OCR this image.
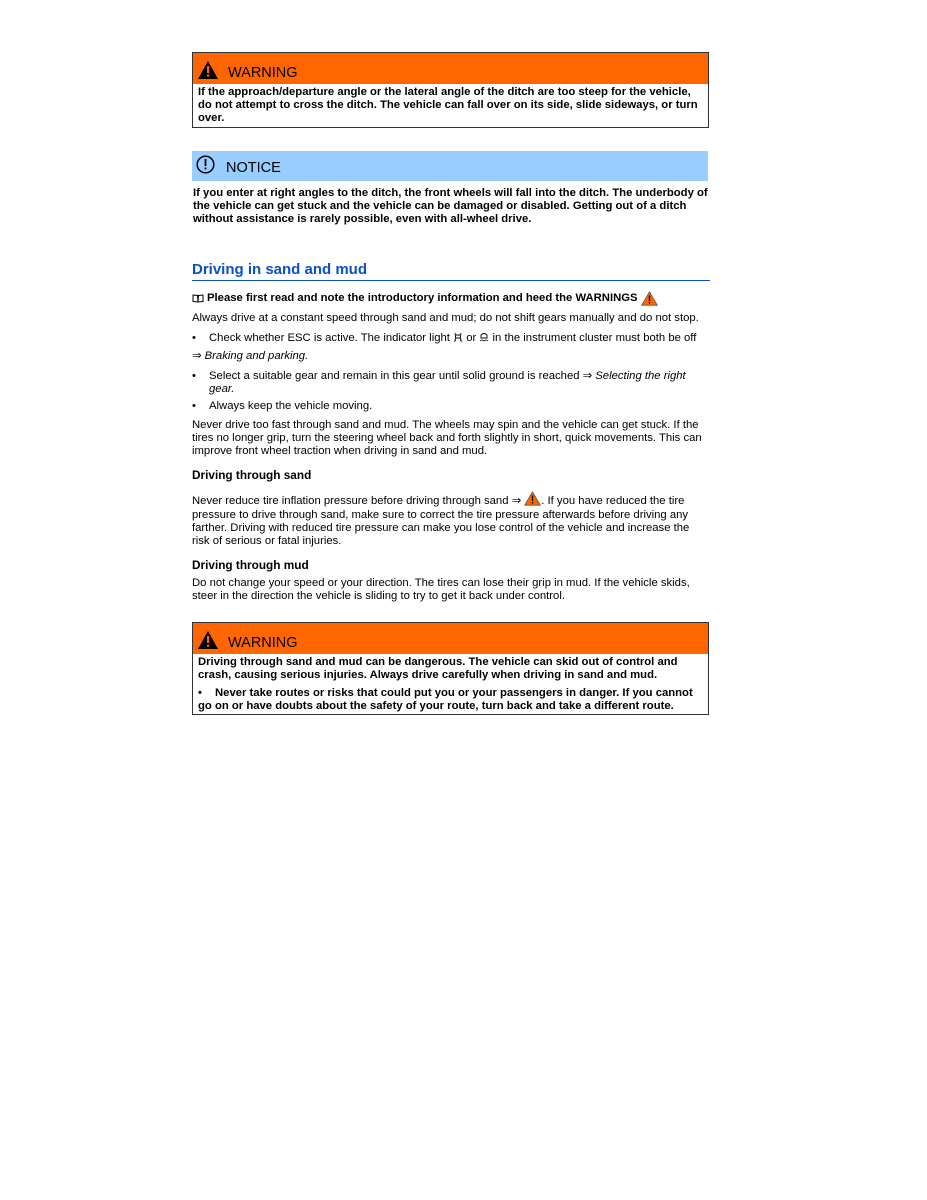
WARNING

If the approach/departure angle or the lateral angle of the ditch are too steep for the vehicle, do not attempt to cross the ditch. The vehicle can fall over on its side, slide sideways, or turn over.

NOTICE
If you enter at right angles to the ditch, the front wheels will fall into the ditch. The underbody of the vehicle can get stuck and the vehicle can be damaged or disabled. Getting out of a ditch without assistance is rarely possible, even with all-wheel drive.
Driving in sand and mud
Please first read and note the introductory information and heed the WARNINGS

Always drive at a constant speed through sand and mud; do not shift gears manually and do not stop.

•	Check whether ESC is active. The indicator light or in the instrument cluster must both be off

⇒ Braking and parking.

•	Select a suitable gear and remain in this gear until solid ground is reached ⇒ Selecting the right gear.
•	Always keep the vehicle moving.

Never drive too fast through sand and mud. The wheels may spin and the vehicle can get stuck. If the tires no longer grip, turn the steering wheel back and forth slightly in short, quick movements. This can improve front wheel traction when driving in sand and mud.

Driving through sand

Never reduce tire inflation pressure before driving through sand ⇒ . If you have reduced the tire pressure to drive through sand, make sure to correct the tire pressure afterwards before driving any farther. Driving with reduced tire pressure can make you lose control of the vehicle and increase the risk of serious or fatal injuries.

Driving through mud

Do not change your speed or your direction. The tires can lose their grip in mud. If the vehicle skids, steer in the direction the vehicle is sliding to try to get it back under control.

WARNING

Driving through sand and mud can be dangerous. The vehicle can skid out of control and crash, causing serious injuries. Always drive carefully when driving in sand and mud.

• Never take routes or risks that could put you or your passengers in danger. If you cannot go on or have doubts about the safety of your route, turn back and take a different route.
